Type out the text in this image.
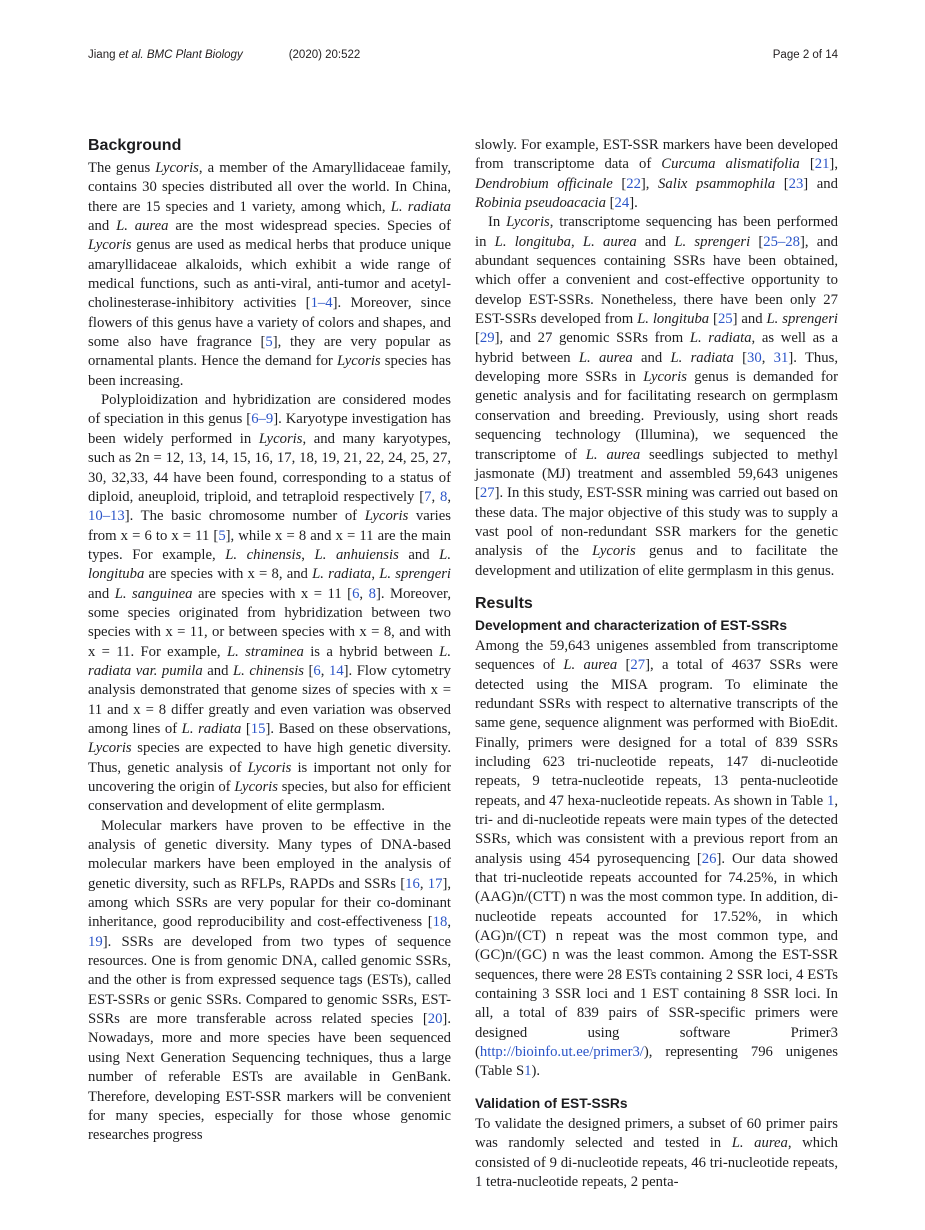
Jiang et al. BMC Plant Biology	(2020) 20:522	Page 2 of 14
Background

The genus Lycoris, a member of the Amaryllidaceae family, contains 30 species distributed all over the world. In China, there are 15 species and 1 variety, among which, L. radiata and L. aurea are the most widespread species. Species of Lycoris genus are used as medical herbs that produce unique amaryllidaceae alkaloids, which exhibit a wide range of medical functions, such as anti-viral, anti-tumor and acetyl-cholinesterase-inhibitory activities [1–4]. Moreover, since flowers of this genus have a variety of colors and shapes, and some also have fragrance [5], they are very popular as ornamental plants. Hence the demand for Lycoris species has been increasing.

Polyploidization and hybridization are considered modes of speciation in this genus [6–9]. Karyotype investigation has been widely performed in Lycoris, and many karyotypes, such as 2n = 12, 13, 14, 15, 16, 17, 18, 19, 21, 22, 24, 25, 27, 30, 32,33, 44 have been found, corresponding to a status of diploid, aneuploid, triploid, and tetraploid respectively [7, 8, 10–13]. The basic chromosome number of Lycoris varies from x = 6 to x = 11 [5], while x = 8 and x = 11 are the main types. For example, L. chinensis, L. anhuiensis and L. longituba are species with x = 8, and L. radiata, L. sprengeri and L. sanguinea are species with x = 11 [6, 8]. Moreover, some species originated from hybridization between two species with x = 11, or between species with x = 8, and with x = 11. For example, L. straminea is a hybrid between L. radiata var. pumila and L. chinensis [6, 14]. Flow cytometry analysis demonstrated that genome sizes of species with x = 11 and x = 8 differ greatly and even variation was observed among lines of L. radiata [15]. Based on these observations, Lycoris species are expected to have high genetic diversity. Thus, genetic analysis of Lycoris is important not only for uncovering the origin of Lycoris species, but also for efficient conservation and development of elite germplasm.

Molecular markers have proven to be effective in the analysis of genetic diversity. Many types of DNA-based molecular markers have been employed in the analysis of genetic diversity, such as RFLPs, RAPDs and SSRs [16, 17], among which SSRs are very popular for their co-dominant inheritance, good reproducibility and cost-effectiveness [18, 19]. SSRs are developed from two types of sequence resources. One is from genomic DNA, called genomic SSRs, and the other is from expressed sequence tags (ESTs), called EST-SSRs or genic SSRs. Compared to genomic SSRs, EST-SSRs are more transferable across related species [20]. Nowadays, more and more species have been sequenced using Next Generation Sequencing techniques, thus a large number of referable ESTs are available in GenBank. Therefore, developing EST-SSR markers will be convenient for many species, especially for those whose genomic researches progress

slowly. For example, EST-SSR markers have been developed from transcriptome data of Curcuma alismatifolia [21], Dendrobium officinale [22], Salix psammophila [23] and Robinia pseudoacacia [24].

In Lycoris, transcriptome sequencing has been performed in L. longituba, L. aurea and L. sprengeri [25–28], and abundant sequences containing SSRs have been obtained, which offer a convenient and cost-effective opportunity to develop EST-SSRs. Nonetheless, there have been only 27 EST-SSRs developed from L. longituba [25] and L. sprengeri [29], and 27 genomic SSRs from L. radiata, as well as a hybrid between L. aurea and L. radiata [30, 31]. Thus, developing more SSRs in Lycoris genus is demanded for genetic analysis and for facilitating research on germplasm conservation and breeding. Previously, using short reads sequencing technology (Illumina), we sequenced the transcriptome of L. aurea seedlings subjected to methyl jasmonate (MJ) treatment and assembled 59,643 unigenes [27]. In this study, EST-SSR mining was carried out based on these data. The major objective of this study was to supply a vast pool of non-redundant SSR markers for the genetic analysis of the Lycoris genus and to facilitate the development and utilization of elite germplasm in this genus.

Results
Development and characterization of EST-SSRs

Among the 59,643 unigenes assembled from transcriptome sequences of L. aurea [27], a total of 4637 SSRs were detected using the MISA program. To eliminate the redundant SSRs with respect to alternative transcripts of the same gene, sequence alignment was performed with BioEdit. Finally, primers were designed for a total of 839 SSRs including 623 tri-nucleotide repeats, 147 di-nucleotide repeats, 9 tetra-nucleotide repeats, 13 penta-nucleotide repeats, and 47 hexa-nucleotide repeats. As shown in Table 1, tri- and di-nucleotide repeats were main types of the detected SSRs, which was consistent with a previous report from an analysis using 454 pyrosequencing [26]. Our data showed that tri-nucleotide repeats accounted for 74.25%, in which (AAG)n/(CTT) n was the most common type. In addition, di-nucleotide repeats accounted for 17.52%, in which (AG)n/(CT) n repeat was the most common type, and (GC)n/(GC) n was the least common. Among the EST-SSR sequences, there were 28 ESTs containing 2 SSR loci, 4 ESTs containing 3 SSR loci and 1 EST containing 8 SSR loci. In all, a total of 839 pairs of SSR-specific primers were designed using software Primer3 (http://bioinfo.ut.ee/primer3/), representing 796 unigenes (Table S1).

Validation of EST-SSRs

To validate the designed primers, a subset of 60 primer pairs was randomly selected and tested in L. aurea, which consisted of 9 di-nucleotide repeats, 46 tri-nucleotide repeats, 1 tetra-nucleotide repeats, 2 penta-
